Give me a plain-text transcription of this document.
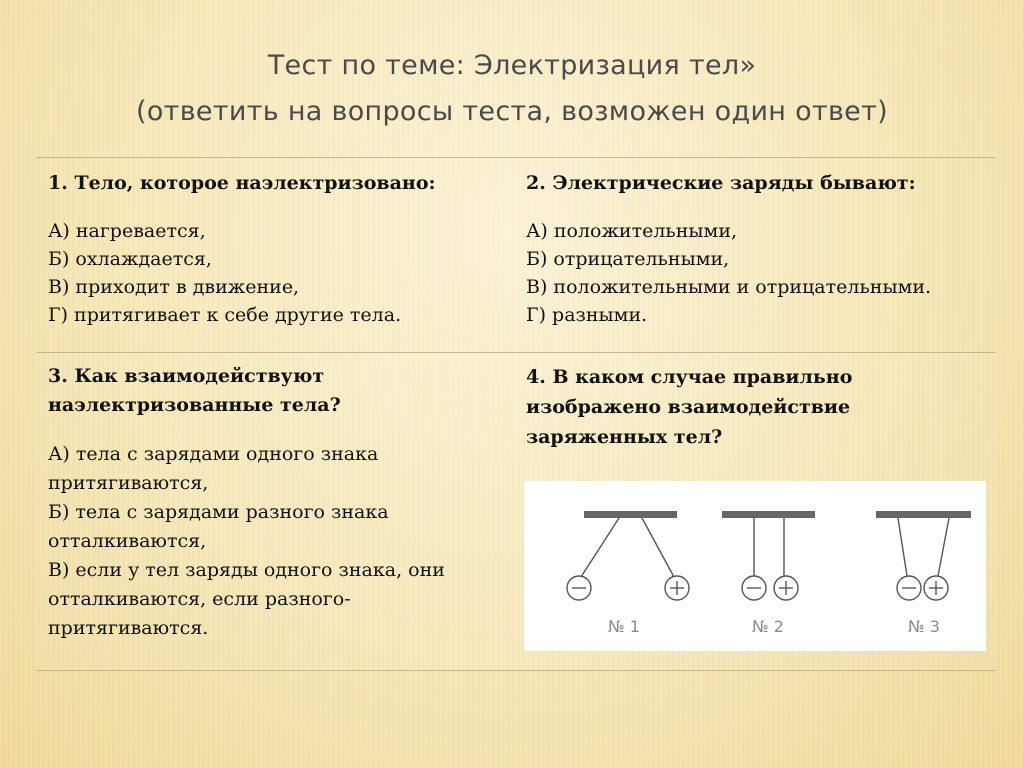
Тест по теме: Электризация тел»
(ответить на вопросы теста, возможен один ответ)
1. Тело, которое наэлектризовано:
А) нагревается,
Б) охлаждается,
В) приходит в движение,
Г) притягивает к себе другие тела.
2. Электрические заряды бывают:
А) положительными,
Б) отрицательными,
В) положительными и отрицательными.
Г) разными.
3. Как взаимодействуют
наэлектризованные тела?
А) тела с зарядами одного знака
притягиваются,
Б) тела с зарядами разного знака
отталкиваются,
В) если у тел заряды одного знака, они
отталкиваются, если разного-
притягиваются.
4. В каком случае правильно
изображено взаимодействие
заряженных тел?
№ 1	№ 2	№ 3
